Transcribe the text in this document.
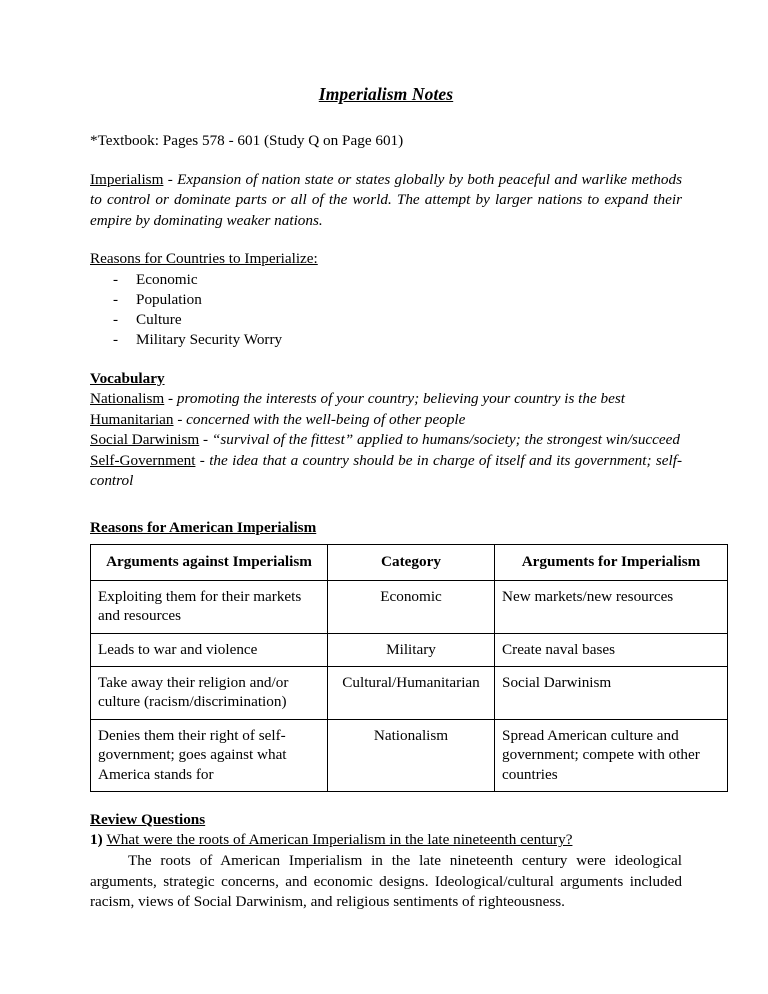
Imperialism Notes

*Textbook: Pages 578 - 601 (Study Q on Page 601)

Imperialism - Expansion of nation state or states globally by both peaceful and warlike methods to control or dominate parts or all of the world. The attempt by larger nations to expand their empire by dominating weaker nations.

Reasons for Countries to Imperialize:

- Economic
- Population
- Culture
- Military Security Worry

Vocabulary

Nationalism - promoting the interests of your country; believing your country is the best

Humanitarian - concerned with the well-being of other people

Social Darwinism - “survival of the fittest” applied to humans/society; the strongest win/succeed

Self-Government - the idea that a country should be in charge of itself and its government; self-control

Reasons for American Imperialism

Arguments against Imperialism	Category	Arguments for Imperialism
Exploiting them for their markets and resources	Economic	New markets/new resources
Leads to war and violence	Military	Create naval bases
Take away their religion and/or culture (racism/discrimination)	Cultural/Humanitarian	Social Darwinism
Denies them their right of self-government; goes against what America stands for	Nationalism	Spread American culture and government; compete with other countries

Review Questions

1) What were the roots of American Imperialism in the late nineteenth century?

The roots of American Imperialism in the late nineteenth century were ideological arguments, strategic concerns, and economic designs. Ideological/cultural arguments included racism, views of Social Darwinism, and religious sentiments of righteousness.
